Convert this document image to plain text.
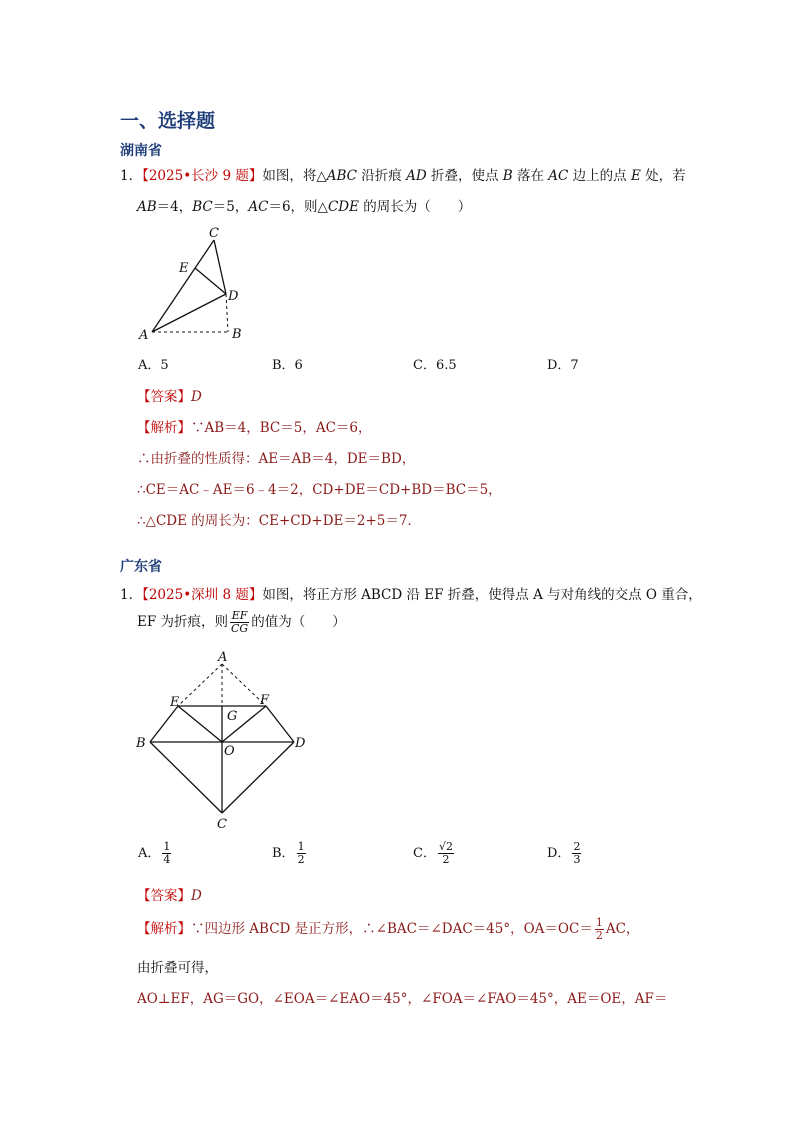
一、选择题
湖南省
1．【2025•长沙 9 题】如图，将△ABC 沿折痕 AD 折叠，使点 B 落在 AC 边上的点 E 处，若
AB＝4，BC＝5，AC＝6，则△CDE 的周长为（　　）
C
E
D
A	B
A．5	B．6	C．6.5	D．7
【答案】D
【解析】∵AB＝4，BC＝5，AC＝6，
∴由折叠的性质得：AE＝AB＝4，DE＝BD，
∴CE＝AC﹣AE＝6﹣4＝2，CD+DE＝CD+BD＝BC＝5，
∴△CDE 的周长为：CE+CD+DE＝2+5＝7．
广东省
1．【2025•深圳 8 题】如图，将正方形 ABCD 沿 EF 折叠，使得点 A 与对角线的交点 O 重合，
EF 为折痕，则 $\frac{EF}{CG}$ 的值为（　　）
A
E	F
G
B
O
D
C
A． $\frac{1}{4}$	B． $\frac{1}{2}$	C． $\frac{√2}{2}$	D． $\frac{2}{3}$
【答案】D
【解析】∵四边形 ABCD 是正方形，∴∠BAC＝∠DAC＝45°，$OA=OC= \frac{1}{2}$ AC，
由折叠可得，
AO⊥EF，AG＝GO，∠EOA＝∠EAO＝45°，∠FOA＝∠FAO＝45°，AE＝OE，AF＝
